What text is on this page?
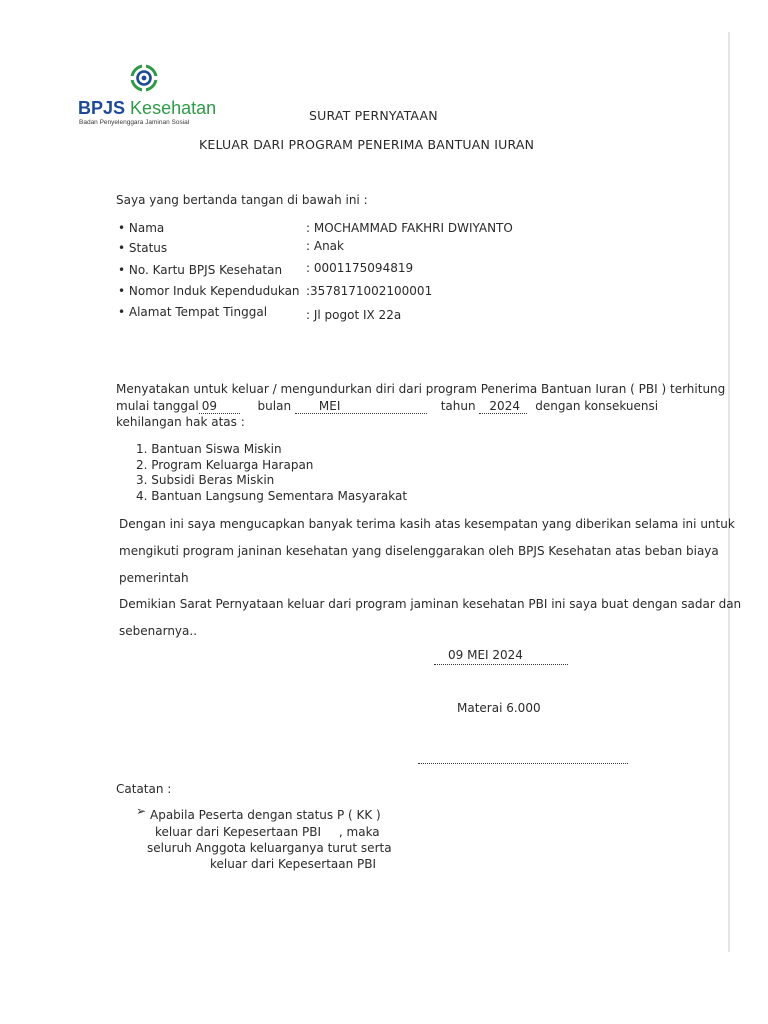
BPJS Kesehatan
Badan Penyelenggara Jaminan Sosial	SURAT PERNYATAAN
KELUAR DARI PROGRAM PENERIMA BANTUAN IURAN
Saya yang bertanda tangan di bawah ini :
• Nama	: MOCHAMMAD FAKHRI DWIYANTO
• Status	: Anak
• No. Kartu BPJS Kesehatan : 0001175094819
• Nomor Induk Kependudukan :3578171002100001
• Alamat Tempat Tinggal	: Jl pogot IX 22a
Menyatakan untuk keluar / mengundurkan diri dari program Penerima Bantuan Iuran ( PBI ) terhitung
mulai tanggal 09	bulan MEI	tahun 2024 dengan konsekuensi
kehilangan hak atas :
1. Bantuan Siswa Miskin
2. Program Keluarga Harapan
3. Subsidi Beras Miskin
4. Bantuan Langsung Sementara Masyarakat
Dengan ini saya mengucapkan banyak terima kasih atas kesempatan yang diberikan selama ini untuk
mengikuti program janinan kesehatan yang diselenggarakan oleh BPJS Kesehatan atas beban biaya
pemerintah
Demikian Sarat Pernyataan keluar dari program jaminan kesehatan PBI ini saya buat dengan sadar dan
sebenarnya..
09 MEI 2024
Materai 6.000
Catatan :
➢ Apabila Peserta dengan status P ( KK )
keluar dari Kepesertaan PBI , maka
seluruh Anggota keluarganya turut serta
keluar dari Kepesertaan PBI
